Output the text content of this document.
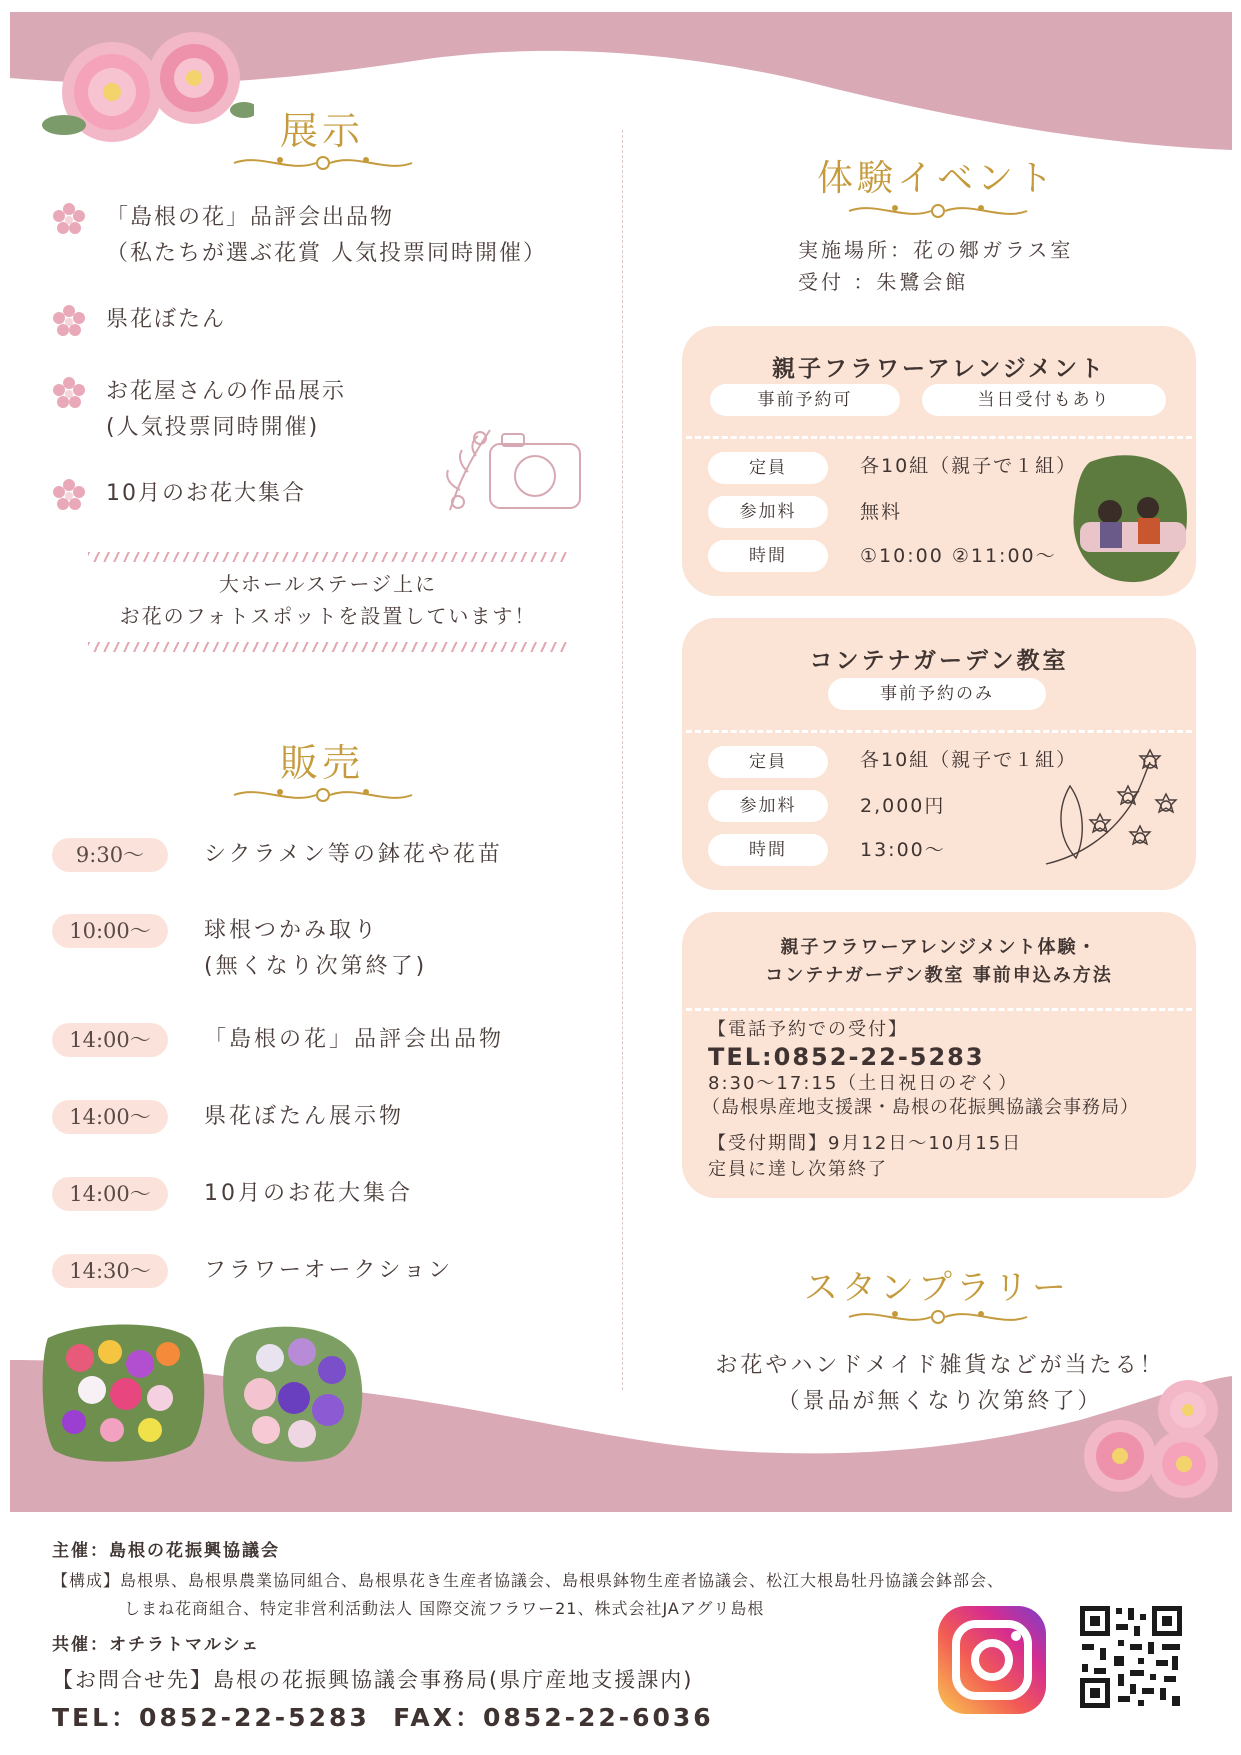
展示
「島根の花」品評会出品物
（私たちが選ぶ花賞 人気投票同時開催）
県花ぼたん
お花屋さんの作品展示
(人気投票同時開催)
10月のお花大集合
大ホールステージ上に
お花のフォトスポットを設置しています！
販売
9:30～	シクラメン等の鉢花や花苗
10:00～	球根つかみ取り
(無くなり次第終了)
14:00～	「島根の花」品評会出品物
14:00～	県花ぼたん展示物
14:00～	10月のお花大集合
14:30～	フラワーオークション
体験イベント
実施場所：花の郷ガラス室
受付 ：朱鷺会館
親子フラワーアレンジメント
事前予約可	当日受付もあり
定員	各10組（親子で１組）
参加料	無料
時間	①10:00 ②11:00～
コンテナガーデン教室
事前予約のみ
定員	各10組（親子で１組）
参加料	2,000円
時間	13:00～
親子フラワーアレンジメント体験・
コンテナガーデン教室 事前申込み方法
【電話予約での受付】
TEL:0852-22-5283
8:30～17:15（土日祝日のぞく）
（島根県産地支援課・島根の花振興協議会事務局）
【受付期間】9月12日～10月15日
定員に達し次第終了
スタンプラリー
お花やハンドメイド雑貨などが当たる！
（景品が無くなり次第終了）
主催：島根の花振興協議会
【構成】島根県、島根県農業協同組合、島根県花き生産者協議会、島根県鉢物生産者協議会、松江大根島牡丹協議会鉢部会、
しまね花商組合、特定非営利活動法人 国際交流フラワー21、株式会社JAアグリ島根
共催：オチラトマルシェ
【お問合せ先】島根の花振興協議会事務局(県庁産地支援課内)
TEL：0852-22-5283  FAX：0852-22-6036
